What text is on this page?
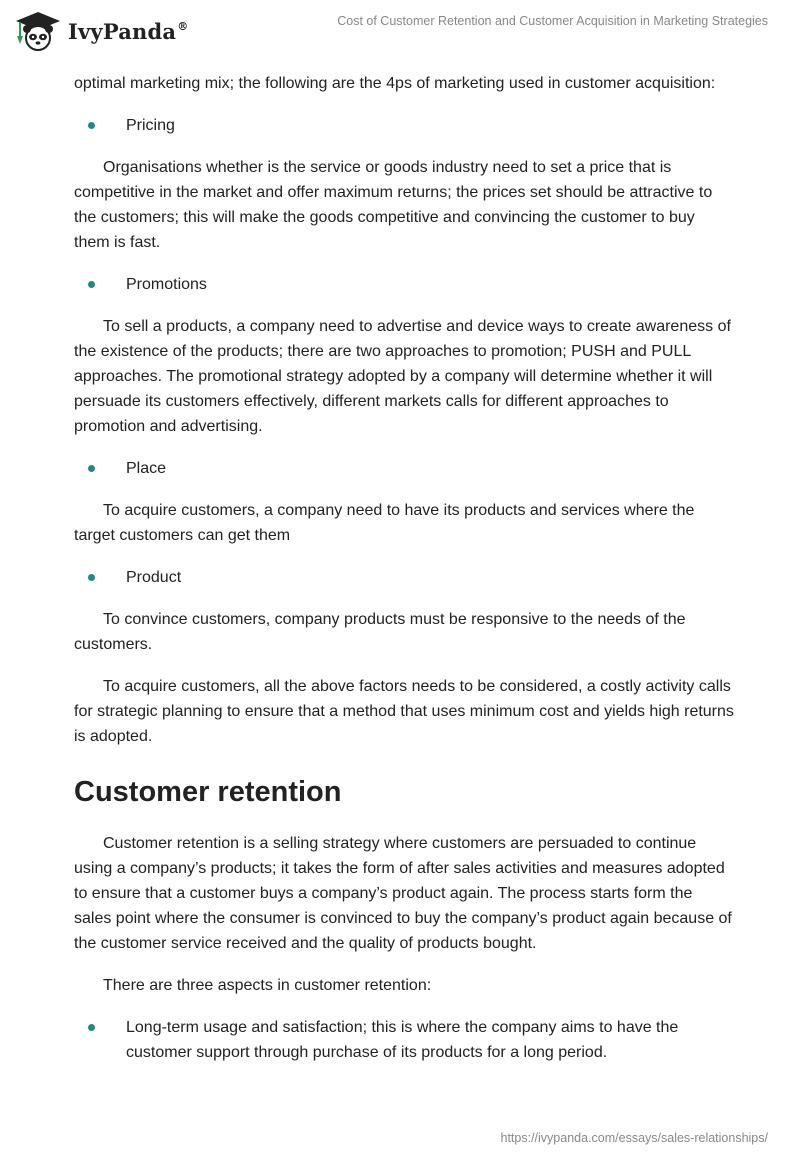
IvyPanda®	Cost of Customer Retention and Customer Acquisition in Marketing Strategies

optimal marketing mix; the following are the 4ps of marketing used in customer acquisition:

Pricing

Organisations whether is the service or goods industry need to set a price that is competitive in the market and offer maximum returns; the prices set should be attractive to the customers; this will make the goods competitive and convincing the customer to buy them is fast.

Promotions

To sell a products, a company need to advertise and device ways to create awareness of the existence of the products; there are two approaches to promotion; PUSH and PULL approaches. The promotional strategy adopted by a company will determine whether it will persuade its customers effectively, different markets calls for different approaches to promotion and advertising.

Place

To acquire customers, a company need to have its products and services where the target customers can get them

Product

To convince customers, company products must be responsive to the needs of the customers.

To acquire customers, all the above factors needs to be considered, a costly activity calls for strategic planning to ensure that a method that uses minimum cost and yields high returns is adopted.

Customer retention

Customer retention is a selling strategy where customers are persuaded to continue using a company’s products; it takes the form of after sales activities and measures adopted to ensure that a customer buys a company’s product again. The process starts form the sales point where the consumer is convinced to buy the company’s product again because of the customer service received and the quality of products bought.

There are three aspects in customer retention:

Long-term usage and satisfaction; this is where the company aims to have the customer support through purchase of its products for a long period.
https://ivypanda.com/essays/sales-relationships/
